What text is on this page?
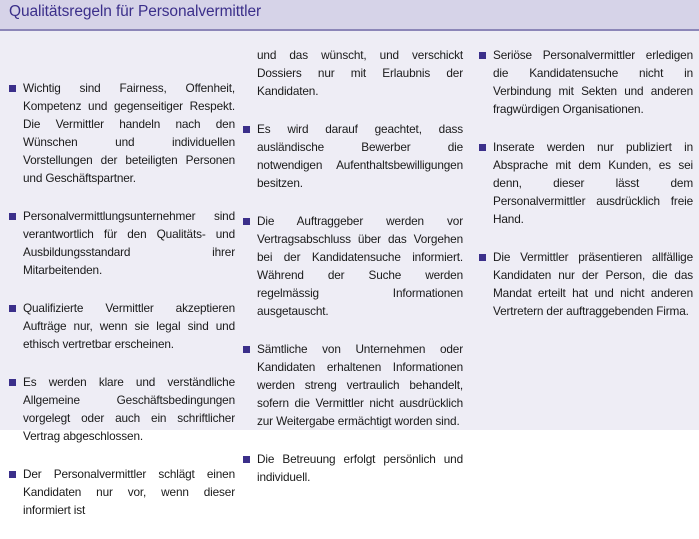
Qualitätsregeln für Personalvermittler
Wichtig sind Fairness, Offenheit, Kompetenz und gegenseitiger Respekt. Die Vermittler handeln nach den Wünschen und individuellen Vorstellungen der beteiligten Personen und Geschäftspartner.
Personalvermittlungsunternehmer sind verantwortlich für den Qualitäts- und Ausbildungsstandard ihrer Mitarbeitenden.
Qualifizierte Vermittler akzeptieren Aufträge nur, wenn sie legal sind und ethisch vertretbar erscheinen.
Es werden klare und verständliche Allgemeine Geschäftsbedingungen vorgelegt oder auch ein schriftlicher Vertrag abgeschlossen.
Der Personalvermittler schlägt einen Kandidaten nur vor, wenn dieser informiert ist
und das wünscht, und verschickt Dossiers nur mit Erlaubnis der Kandidaten.
Es wird darauf geachtet, dass ausländische Bewerber die notwendigen Aufenthaltsbewilligungen besitzen.
Die Auftraggeber werden vor Vertragsabschluss über das Vorgehen bei der Kandidatensuche informiert. Während der Suche werden regelmässig Informationen ausgetauscht.
Sämtliche von Unternehmen oder Kandidaten erhaltenen Informationen werden streng vertraulich behandelt, sofern die Vermittler nicht ausdrücklich zur Weitergabe ermächtigt worden sind.
Die Betreuung erfolgt persönlich und individuell.
Seriöse Personalvermittler erledigen die Kandidatensuche nicht in Verbindung mit Sekten und anderen fragwürdigen Organisationen.
Inserate werden nur publiziert in Absprache mit dem Kunden, es sei denn, dieser lässt dem Personalvermittler ausdrücklich freie Hand.
Die Vermittler präsentieren allfällige Kandidaten nur der Person, die das Mandat erteilt hat und nicht anderen Vertretern der auftraggebenden Firma.
